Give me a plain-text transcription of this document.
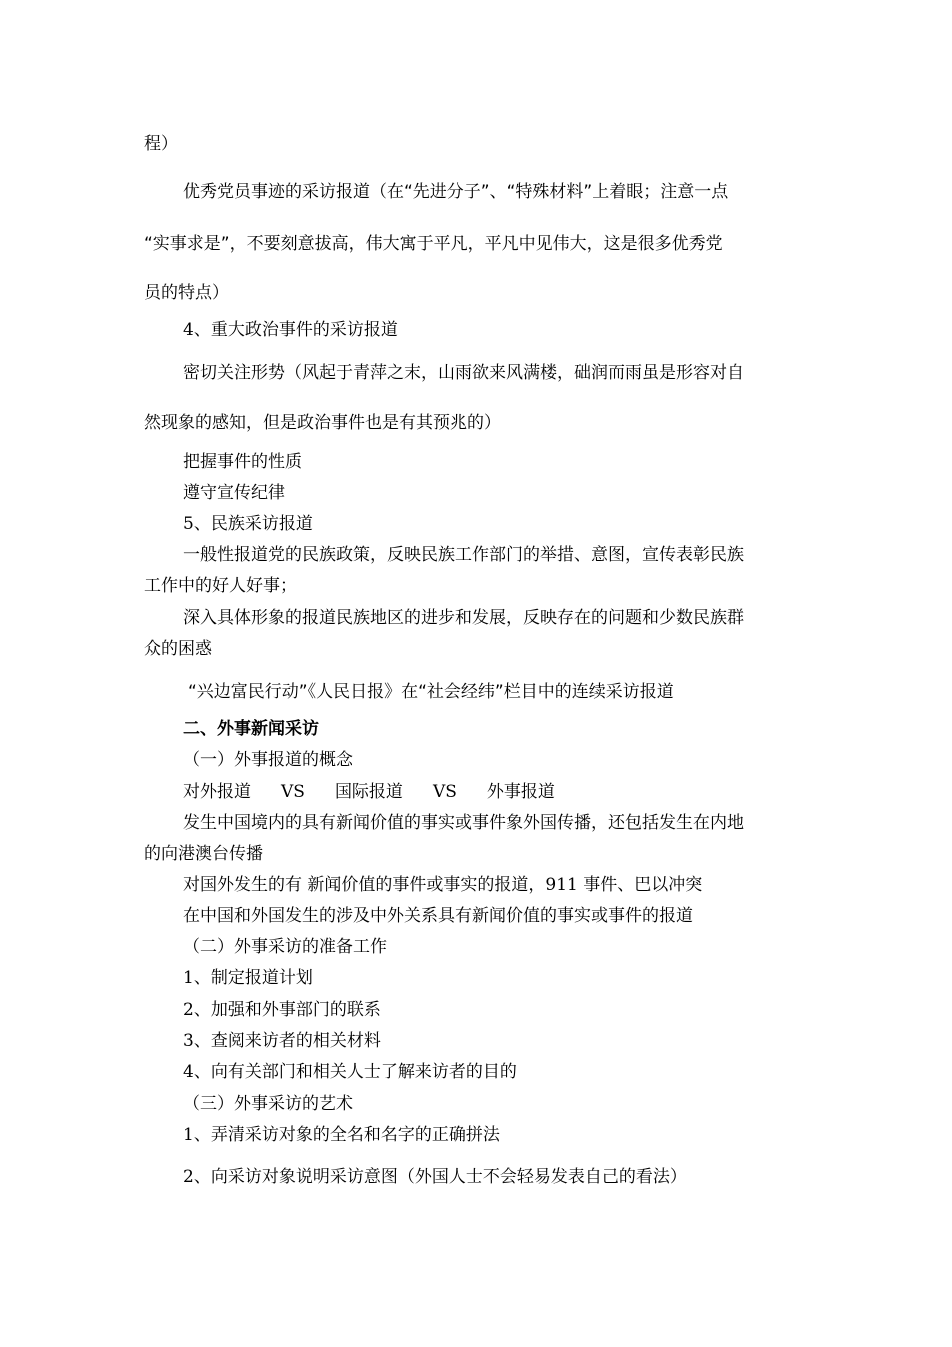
程）
优秀党员事迹的采访报道（在“先进分子”、“特殊材料”上着眼；注意一点
“实事求是”，不要刻意拔高，伟大寓于平凡，平凡中见伟大，这是很多优秀党
员的特点）
4、重大政治事件的采访报道
密切关注形势（风起于青萍之末，山雨欲来风满楼，础润而雨虽是形容对自
然现象的感知，但是政治事件也是有其预兆的）
把握事件的性质
遵守宣传纪律
5、民族采访报道
一般性报道党的民族政策，反映民族工作部门的举措、意图，宣传表彰民族
工作中的好人好事；
深入具体形象的报道民族地区的进步和发展，反映存在的问题和少数民族群
众的困惑
“兴边富民行动”《人民日报》在“社会经纬”栏目中的连续采访报道
二、外事新闻采访
（一）外事报道的概念
对外报道 VS 国际报道 VS 外事报道
发生中国境内的具有新闻价值的事实或事件象外国传播，还包括发生在内地
的向港澳台传播
对国外发生的有 新闻价值的事件或事实的报道，911 事件、巴以冲突
在中国和外国发生的涉及中外关系具有新闻价值的事实或事件的报道
（二）外事采访的准备工作
1、制定报道计划
2、加强和外事部门的联系
3、查阅来访者的相关材料
4、向有关部门和相关人士了解来访者的目的
（三）外事采访的艺术
1、弄清采访对象的全名和名字的正确拼法
2、向采访对象说明采访意图（外国人士不会轻易发表自己的看法）
